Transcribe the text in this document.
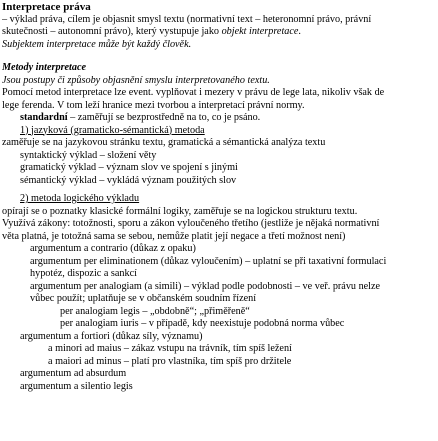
Interpretace práva
– výklad práva, cílem je objasnit smysl textu (normativní text – heteronomní právo, právní
skutečnosti – autonomní právo), který vystupuje jako objekt interpretace.
Subjektem interpretace může být každý člověk.
Metody interpretace
Jsou postupy či způsoby objasnění smyslu interpretovaného textu.
Pomocí metod interpretace lze event. vyplňovat i mezery v právu de lege lata, nikoliv však de
lege ferenda. V tom leží hranice mezi tvorbou a interpretací právní normy.
standardní – zaměřují se bezprostředně na to, co je psáno.
1) jazyková (gramaticko-sémantická) metoda
zaměřuje se na jazykovou stránku textu, gramatická a sémantická analýza textu
syntaktický výklad – složení věty
gramatický výklad – význam slov ve spojení s jinými
sémantický výklad – vykládá význam použitých slov
2) metoda logického výkladu
opírají se o poznatky klasické formální logiky, zaměřuje se na logickou strukturu textu.
Využívá zákony: totožnosti, sporu a zákon vyloučeného třetího (jestliže je nějaká normativní
věta platná, je totožná sama se sebou, nemůže platit její negace a třetí možnost není)
argumentum a contrario (důkaz z opaku)
argumentum per eliminationem (důkaz vyloučením) – uplatní se při taxativní formulaci
hypotéz, dispozic a sankcí
argumentum per analogiam (a simili) – výklad podle podobnosti – ve veř. právu nelze
vůbec použít; uplatňuje se v občanském soudním řízení
per analogiam legis – „obdobně“; „přiměřeně“
per analogiam iuris – v případě, kdy neexistuje podobná norma vůbec
argumentum a fortiori (důkaz síly, významu)
a minori ad maius – zákaz vstupu na trávník, tím spíš ležení
a maiori ad minus – platí pro vlastníka, tím spíš pro držitele
argumentum ad absurdum
argumentum a silentio legis
